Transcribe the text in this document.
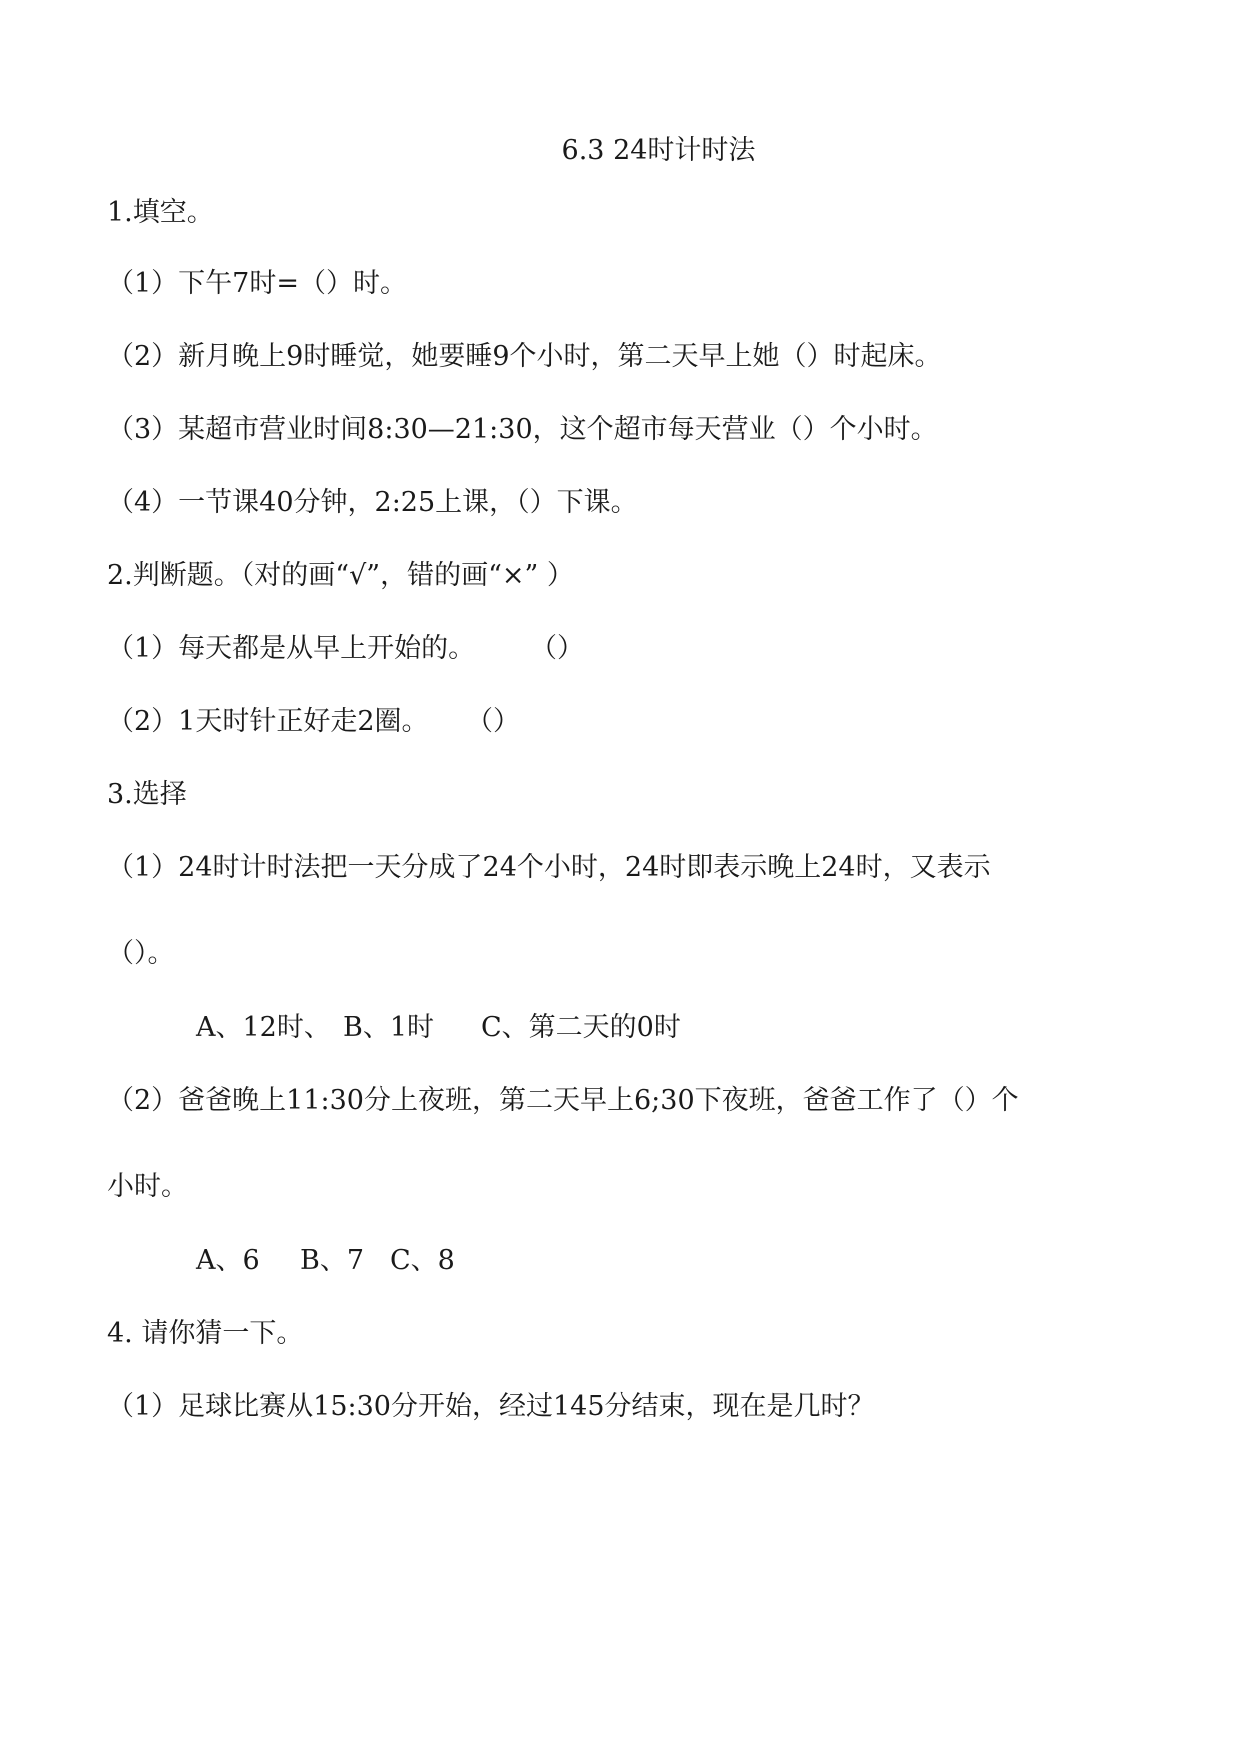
6.3 24时计时法
1.填空。
（1）下午7时=（）时。
（2）新月晚上9时睡觉，她要睡9个小时，第二天早上她（）时起床。
（3）某超市营业时间8:30—21:30，这个超市每天营业（）个小时。
（4）一节课40分钟，2:25上课，（）下课。
2.判断题。（对的画“√”，错的画“×” ）
（1）每天都是从早上开始的。 （）
（2）1天时针正好走2圈。 （）
3.选择
（1）24时计时法把一天分成了24个小时，24时即表示晚上24时，又表示
（）。
A、12时、 B、1时 C、第二天的0时
（2）爸爸晚上11:30分上夜班，第二天早上6;30下夜班，爸爸工作了（）个
小时。
A、6 B、7 C、8
4. 请你猜一下。
（1）足球比赛从15:30分开始，经过145分结束，现在是几时？
